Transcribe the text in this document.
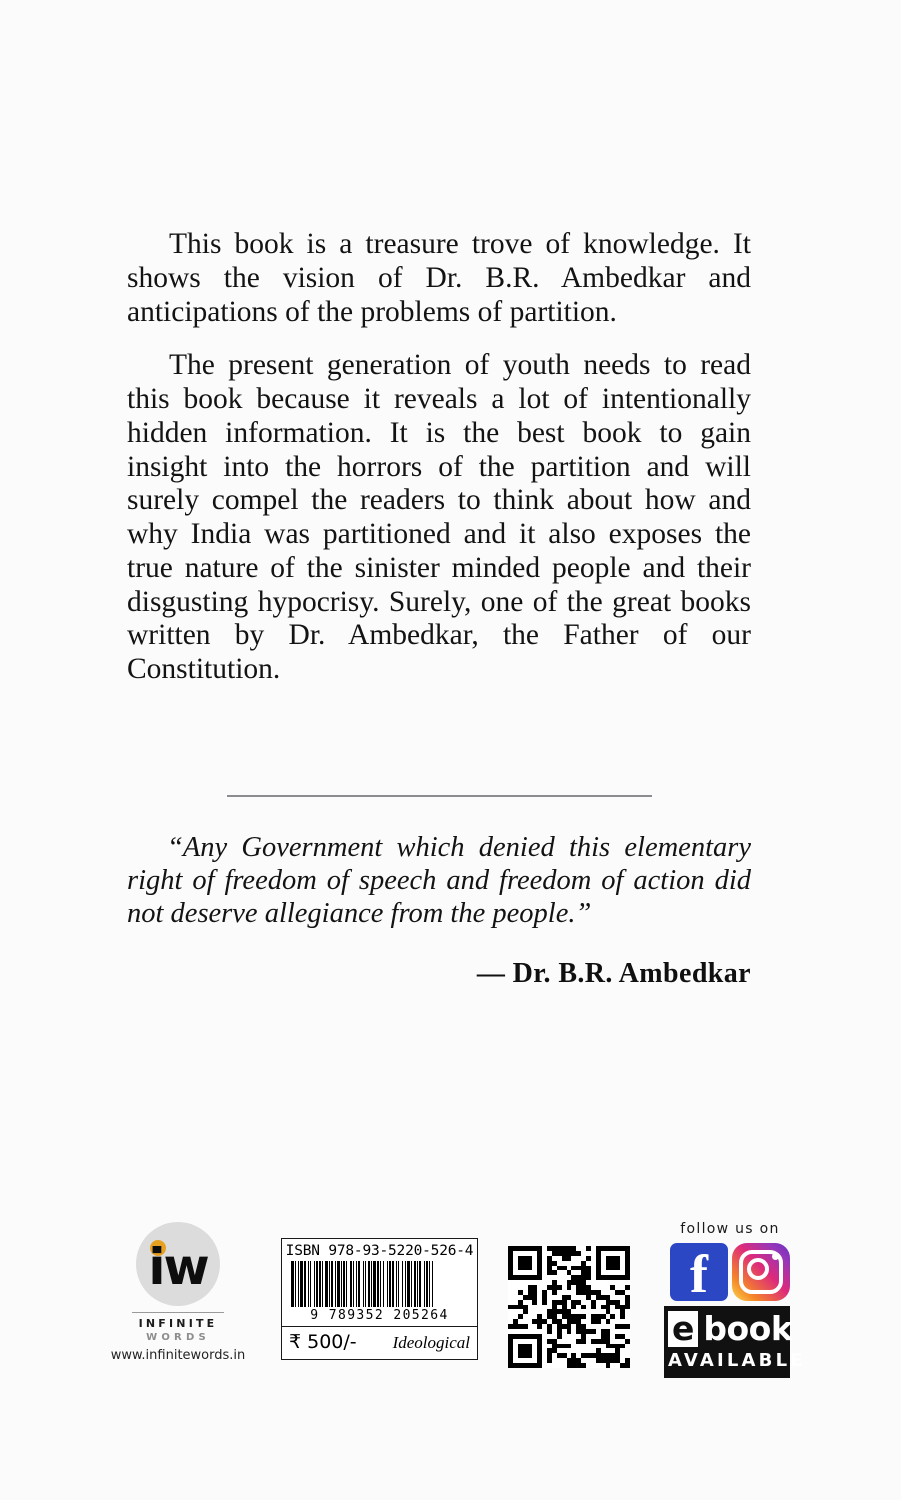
This book is a treasure trove of knowledge. It shows the vision of Dr. B.R. Ambedkar and anticipations of the problems of partition.

The present generation of youth needs to read this book because it reveals a lot of intentionally hidden information. It is the best book to gain insight into the horrors of the partition and will surely compel the readers to think about how and why India was partitioned and it also exposes the true nature of the sinister minded people and their disgusting hypocrisy. Surely, one of the great books written by Dr. Ambedkar, the Father of our Constitution.

“Any Government which denied this elementary right of freedom of speech and freedom of action did not deserve allegiance from the people.”

— Dr. B.R. Ambedkar

iw
INFINITE
WORDS
www.infinitewords.in
ISBN 978-93-5220-526-4
9 789352 205264
₹ 500/- Ideological
follow us on
f
e book
AVAILABLE
